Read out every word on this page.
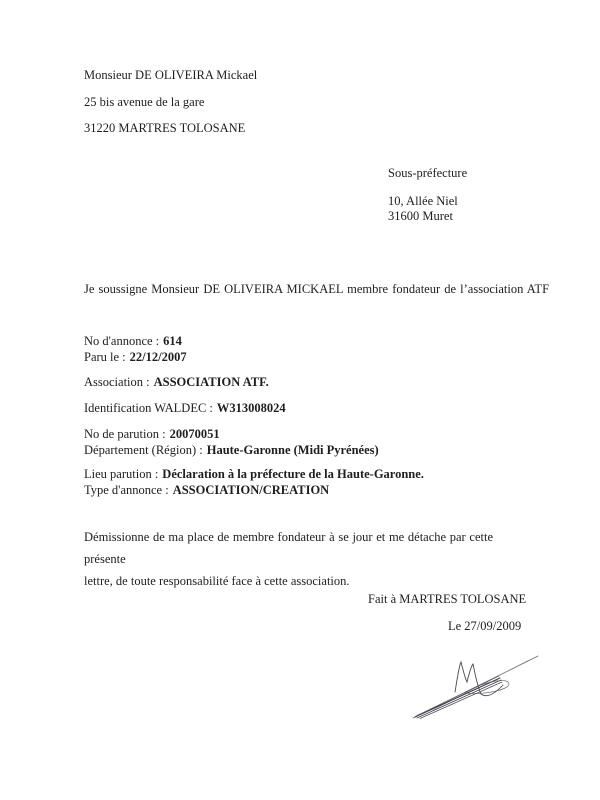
Monsieur DE OLIVEIRA Mickael
25 bis avenue de la gare
31220 MARTRES TOLOSANE
Sous-préfecture
10, Allée Niel
31600 Muret
Je soussigne Monsieur DE OLIVEIRA MICKAEL membre fondateur de l’association ATF
No d'annonce : 614
Paru le : 22/12/2007
Association : ASSOCIATION ATF.
Identification WALDEC : W313008024
No de parution : 20070051
Département (Région) : Haute-Garonne (Midi Pyrénées)
Lieu parution : Déclaration à la préfecture de la Haute-Garonne.
Type d'annonce : ASSOCIATION/CREATION
Démissionne de ma place de membre fondateur à se jour et me détache par cette présente
lettre, de toute responsabilité face à cette association.
Fait à MARTRES TOLOSANE
Le 27/09/2009
